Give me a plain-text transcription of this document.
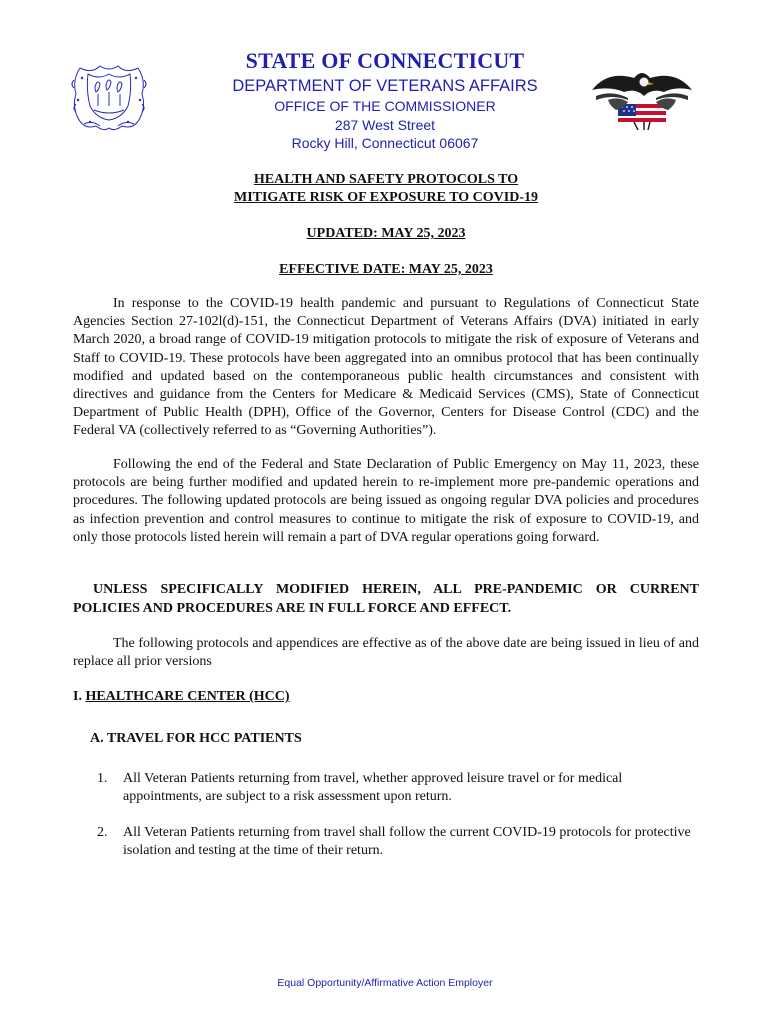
STATE OF CONNECTICUT
DEPARTMENT OF VETERANS AFFAIRS
OFFICE OF THE COMMISSIONER
287 West Street
Rocky Hill, Connecticut 06067
HEALTH AND SAFETY PROTOCOLS TO
MITIGATE RISK OF EXPOSURE TO COVID-19
UPDATED: MAY 25, 2023
EFFECTIVE DATE: MAY 25, 2023

In response to the COVID-19 health pandemic and pursuant to Regulations of Connecticut State Agencies Section 27-102l(d)-151, the Connecticut Department of Veterans Affairs (DVA) initiated in early March 2020, a broad range of COVID-19 mitigation protocols to mitigate the risk of exposure of Veterans and Staff to COVID-19. These protocols have been aggregated into an omnibus protocol that has been continually modified and updated based on the contemporaneous public health circumstances and consistent with directives and guidance from the Centers for Medicare & Medicaid Services (CMS), State of Connecticut Department of Public Health (DPH), Office of the Governor, Centers for Disease Control (CDC) and the Federal VA (collectively referred to as “Governing Authorities”).

Following the end of the Federal and State Declaration of Public Emergency on May 11, 2023, these protocols are being further modified and updated herein to re-implement more pre-pandemic operations and procedures. The following updated protocols are being issued as ongoing regular DVA policies and procedures as infection prevention and control measures to continue to mitigate the risk of exposure to COVID-19, and only those protocols listed herein will remain a part of DVA regular operations going forward.

UNLESS SPECIFICALLY MODIFIED HEREIN, ALL PRE-PANDEMIC OR CURRENT POLICIES AND PROCEDURES ARE IN FULL FORCE AND EFFECT.

The following protocols and appendices are effective as of the above date are being issued in lieu of and replace all prior versions

I. HEALTHCARE CENTER (HCC)
A. TRAVEL FOR HCC PATIENTS
1. All Veteran Patients returning from travel, whether approved leisure travel or for medical appointments, are subject to a risk assessment upon return.
2. All Veteran Patients returning from travel shall follow the current COVID-19 protocols for protective isolation and testing at the time of their return.
Equal Opportunity/Affirmative Action Employer
